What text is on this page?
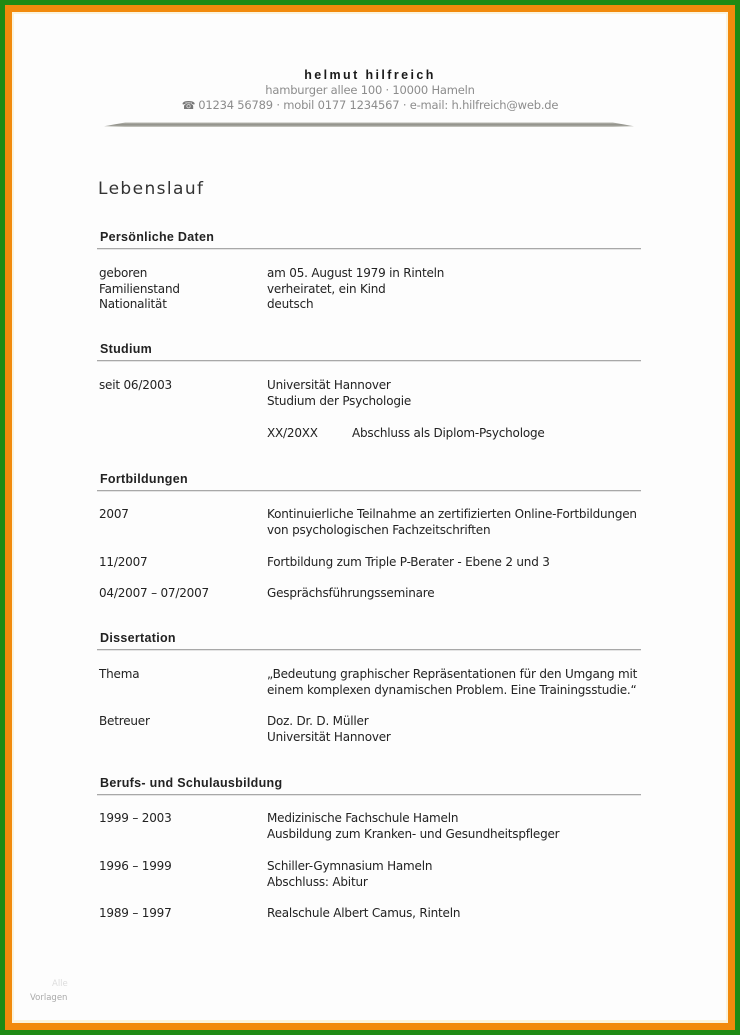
helmut hilfreich
hamburger allee 100 · 10000 Hameln
☎ 01234 56789 · mobil 0177 1234567 · e-mail: h.hilfreich@web.de
Lebenslauf
Persönliche Daten
geboren	am 05. August 1979 in Rinteln
Familienstand	verheiratet, ein Kind
Nationalität	deutsch
Studium
seit 06/2003	Universität Hannover
Studium der Psychologie
XX/20XX	Abschluss als Diplom-Psychologe
Fortbildungen
2007	Kontinuierliche Teilnahme an zertifizierten Online-Fortbildungen
von psychologischen Fachzeitschriften
11/2007	Fortbildung zum Triple P-Berater - Ebene 2 und 3
04/2007 – 07/2007	Gesprächsführungsseminare
Dissertation
Thema	„Bedeutung graphischer Repräsentationen für den Umgang mit
einem komplexen dynamischen Problem. Eine Trainingsstudie.“
Betreuer	Doz. Dr. D. Müller
Universität Hannover
Berufs- und Schulausbildung
1999 – 2003	Medizinische Fachschule Hameln
Ausbildung zum Kranken- und Gesundheitspfleger
1996 – 1999	Schiller-Gymnasium Hameln
Abschluss: Abitur
1989 – 1997	Realschule Albert Camus, Rinteln
Alle
Vorlagen
